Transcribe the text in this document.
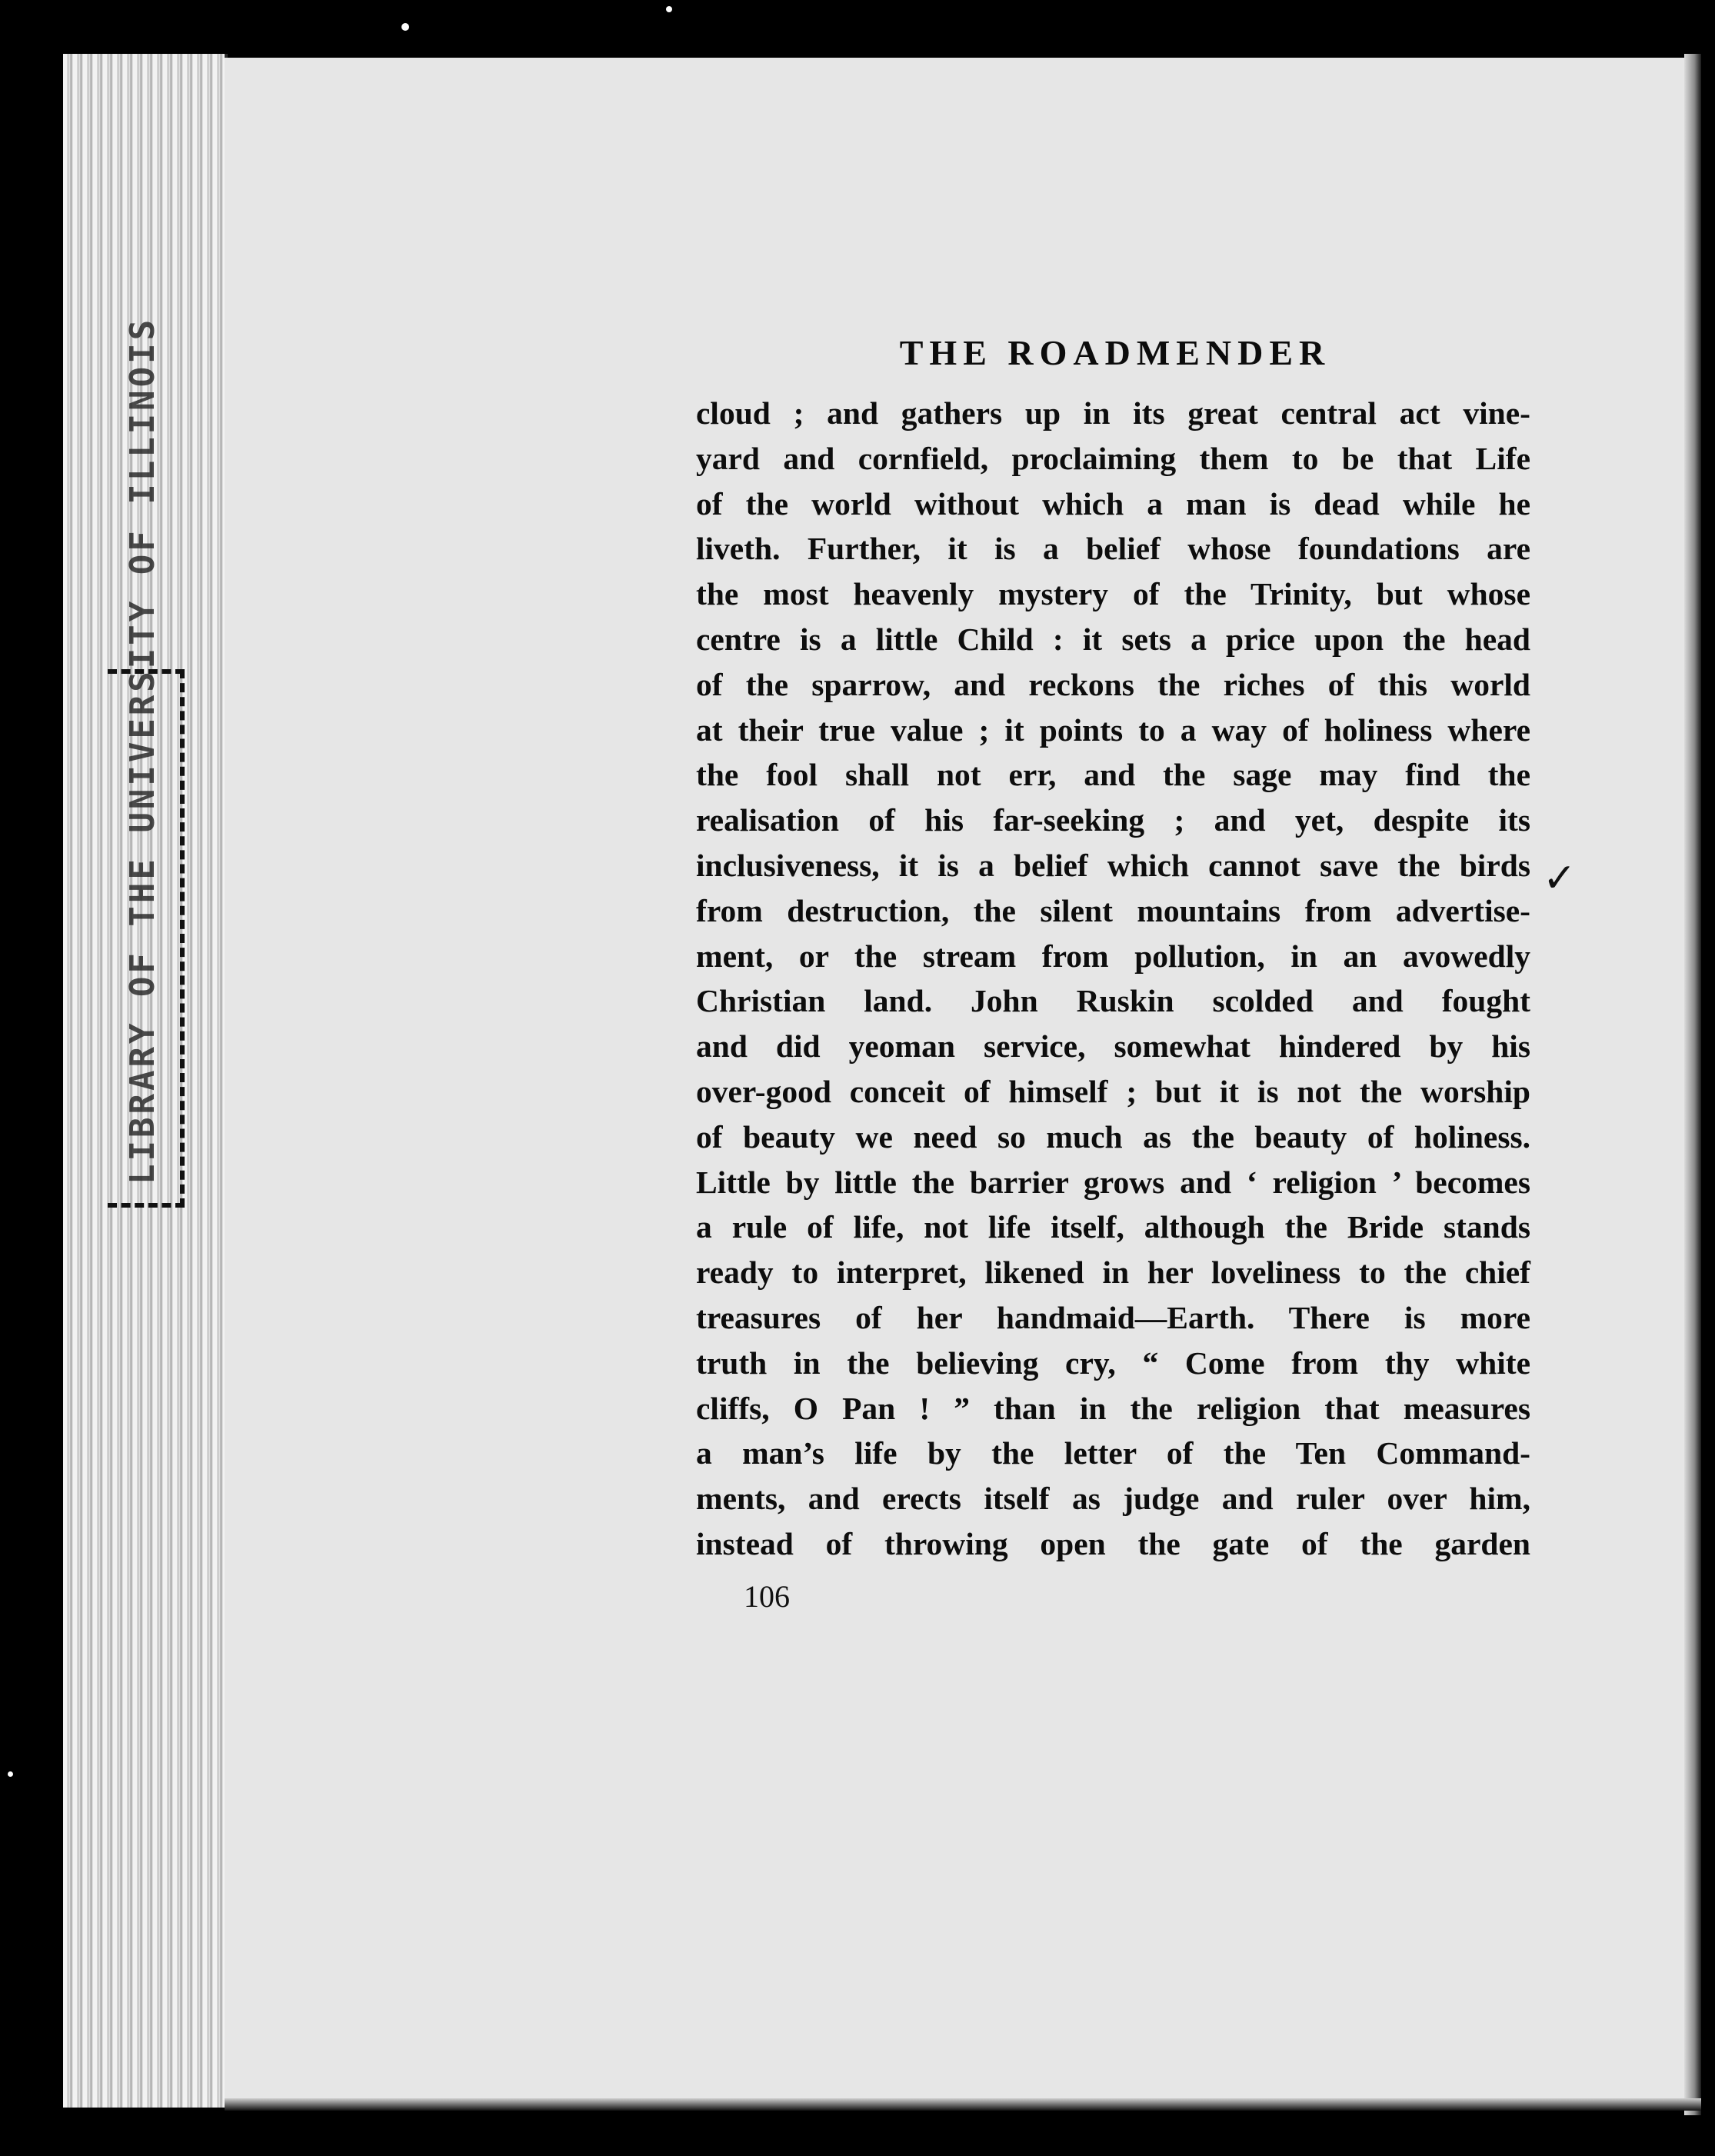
LIBRARY OF THE UNIVERSITY OF ILLINOIS	THE ROADMENDER
cloud ; and gathers up in its great central act vine-
yard and cornfield, proclaiming them to be that Life
of the world without which a man is dead while he
liveth. Further, it is a belief whose foundations are
the most heavenly mystery of the Trinity, but whose
centre is a little Child : it sets a price upon the head
of the sparrow, and reckons the riches of this world
at their true value ; it points to a way of holiness where
the fool shall not err, and the sage may find the
realisation of his far-seeking ; and yet, despite its
inclusiveness, it is a belief which cannot save the birds
from destruction, the silent mountains from advertise-
ment, or the stream from pollution, in an avowedly
Christian land. John Ruskin scolded and fought
and did yeoman service, somewhat hindered by his
over-good conceit of himself ; but it is not the worship
of beauty we need so much as the beauty of holiness.
Little by little the barrier grows and ‘ religion ’ becomes
a rule of life, not life itself, although the Bride stands
ready to interpret, likened in her loveliness to the chief
treasures of her handmaid—Earth. There is more
truth in the believing cry, “ Come from thy white
cliffs, O Pan ! ” than in the religion that measures
a man’s life by the letter of the Ten Command-
ments, and erects itself as judge and ruler over him,
instead of throwing open the gate of the garden
✓
106
